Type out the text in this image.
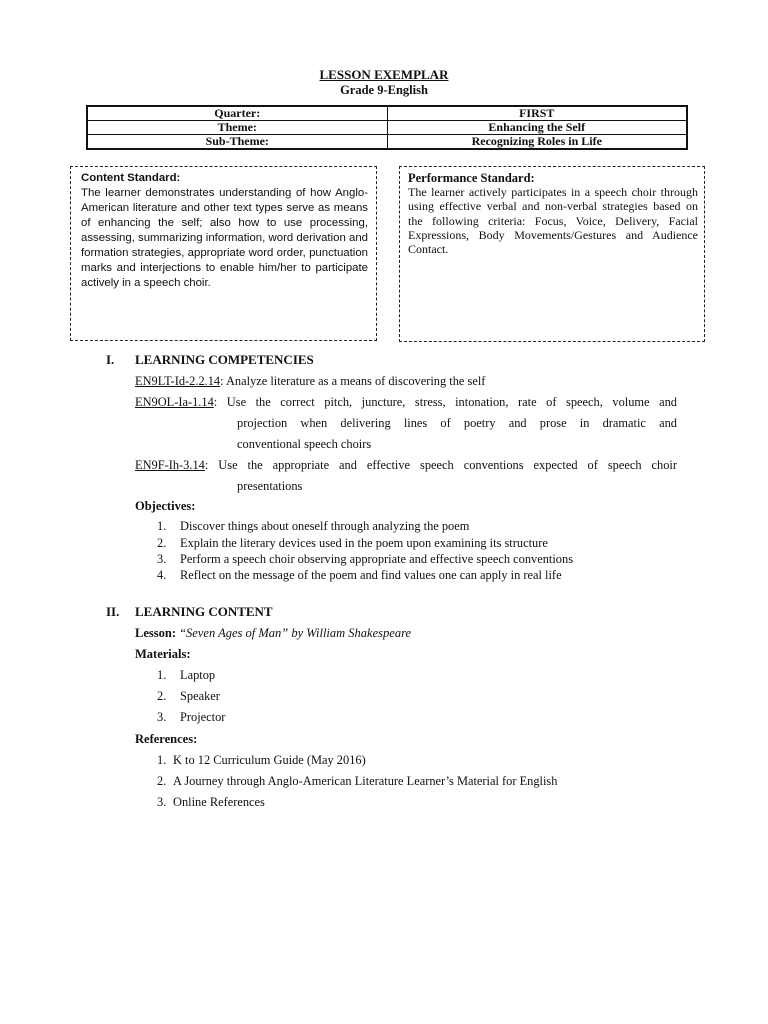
LESSON EXEMPLAR
Grade 9-English
Quarter:	FIRST
Theme:	Enhancing the Self
Sub-Theme:	Recognizing Roles in Life
Content Standard:

The learner demonstrates understanding of how Anglo-American literature and other text types serve as means of enhancing the self; also how to use processing, assessing, summarizing information, word derivation and formation strategies, appropriate word order, punctuation marks and interjections to enable him/her to participate actively in a speech choir.

Performance Standard:

The learner actively participates in a speech choir through using effective verbal and non-verbal strategies based on the following criteria: Focus, Voice, Delivery, Facial Expressions, Body Movements/Gestures and Audience Contact.

I. LEARNING COMPETENCIES
EN9LT-Id-2.2.14: Analyze literature as a means of discovering the self
EN9OL-Ia-1.14 : Use the correct pitch, juncture, stress, intonation, rate of speech, volume and
projection when delivering lines of poetry and prose in dramatic and
conventional speech choirs
EN9F-Ih-3.14 : Use the appropriate and effective speech conventions expected of speech choir
presentations
Objectives:
1. Discover things about oneself through analyzing the poem
2. Explain the literary devices used in the poem upon examining its structure
3. Perform a speech choir observing appropriate and effective speech conventions
4. Reflect on the message of the poem and find values one can apply in real life
II. LEARNING CONTENT
Lesson: “Seven Ages of Man” by William Shakespeare
Materials:
1. Laptop
2. Speaker
3. Projector
References:
1. K to 12 Curriculum Guide (May 2016)
2. A Journey through Anglo-American Literature Learner’s Material for English
3. Online References
